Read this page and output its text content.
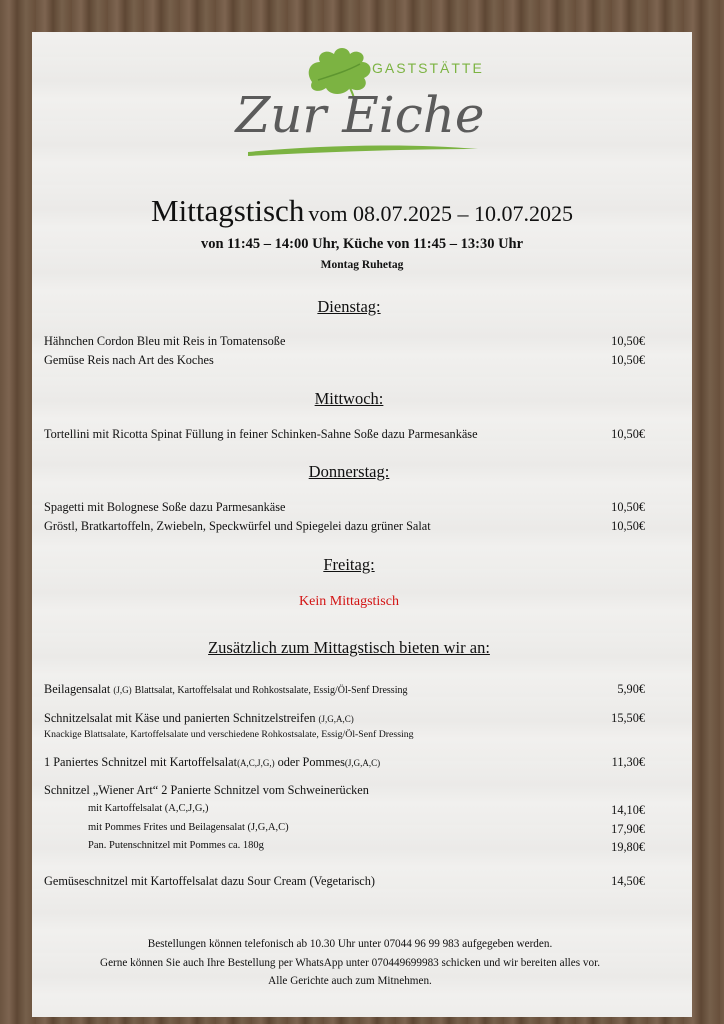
GASTSTÄTTE
Zur Eiche
Mittagstisch vom 08.07.2025 – 10.07.2025
von 11:45 – 14:00 Uhr, Küche von 11:45 – 13:30 Uhr
Montag Ruhetag
Dienstag:
Hähnchen Cordon Bleu mit Reis in Tomatensoße	10,50€
Gemüse Reis nach Art des Koches	10,50€
Mittwoch:
Tortellini mit Ricotta Spinat Füllung in feiner Schinken-Sahne Soße dazu Parmesankäse	10,50€
Donnerstag:
Spagetti mit Bolognese Soße dazu Parmesankäse	10,50€
Gröstl, Bratkartoffeln, Zwiebeln, Speckwürfel und Spiegelei dazu grüner Salat	10,50€
Freitag:
Kein Mittagstisch
Zusätzlich zum Mittagstisch bieten wir an:
Beilagensalat (J,G) Blattsalat, Kartoffelsalat und Rohkostsalate, Essig/Öl-Senf Dressing	5,90€
Schnitzelsalat mit Käse und panierten Schnitzelstreifen (J,G,A,C)	15,50€
Knackige Blattsalate, Kartoffelsalate und verschiedene Rohkostsalate, Essig/Öl-Senf Dressing
1 Paniertes Schnitzel mit Kartoffelsalat(A,C,J,G,) oder Pommes(J,G,A,C)	11,30€
Schnitzel „Wiener Art“ 2 Panierte Schnitzel vom Schweinerücken
mit Kartoffelsalat (A,C,J,G,)	14,10€
mit Pommes Frites und Beilagensalat (J,G,A,C)	17,90€
Pan. Putenschnitzel mit Pommes ca. 180g	19,80€
Gemüseschnitzel mit Kartoffelsalat dazu Sour Cream (Vegetarisch)	14,50€
Bestellungen können telefonisch ab 10.30 Uhr unter 07044 96 99 983 aufgegeben werden.
Gerne können Sie auch Ihre Bestellung per WhatsApp unter 070449699983 schicken und wir bereiten alles vor.
Alle Gerichte auch zum Mitnehmen.
